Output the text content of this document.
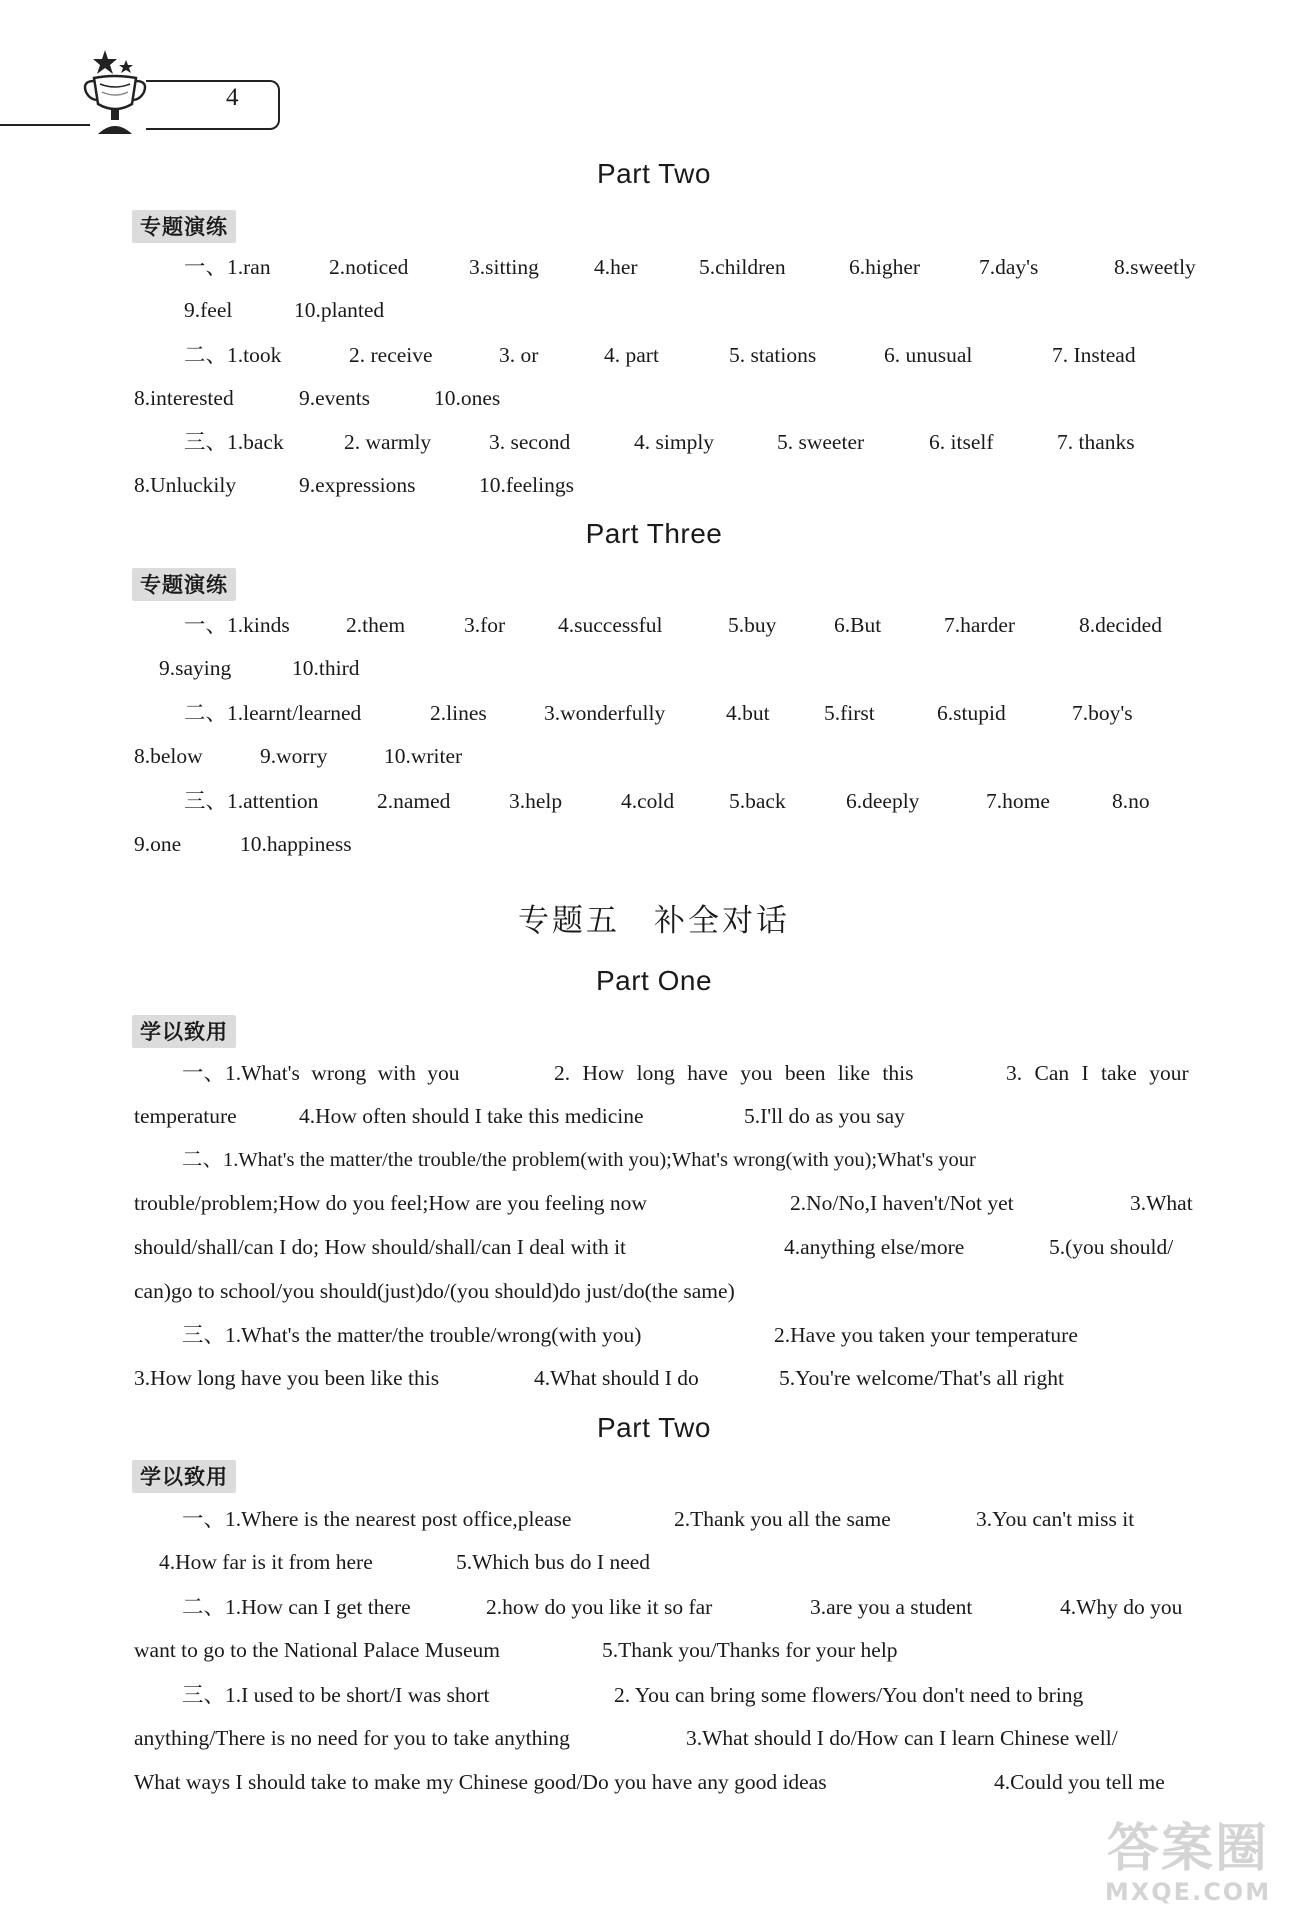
4
Part Two
专题演练
一、1.ran	2.noticed	3.sitting	4.her	5.children	6.higher	7.day's	8.sweetly
9.feel	10.planted
二、1.took	2. receive	3. or	4. part	5. stations	6. unusual	7. Instead
8.interested	9.events	10.ones
三、1.back	2. warmly	3. second	4. simply	5. sweeter	6. itself	7. thanks
8.Unluckily	9.expressions	10.feelings
Part Three
专题演练
一、1.kinds	2.them	3.for 4.successful	5.buy	6.But	7.harder	8.decided
9.saying	10.third
二、1.learnt/learned	2.lines	3.wonderfully	4.but	5.first	6.stupid	7.boy's
8.below	9.worry	10.writer
三、1.attention	2.named	3.help	4.cold	5.back	6.deeply	7.home	8.no
9.one	10.happiness
专题五 补全对话
Part One
学以致用
一、1.What's wrong with you	2. How long have you been like this	3. Can I take your
temperature	4.How often should I take this medicine	5.I'll do as you say
二、1.What's the matter/the trouble/the problem(with you);What's wrong(with you);What's your
trouble/problem;How do you feel;How are you feeling now	2.No/No,I haven't/Not yet	3.What
should/shall/can I do; How should/shall/can I deal with it	4.anything else/more	5.(you should/
can)go to school/you should(just)do/(you should)do just/do(the same)
三、1.What's the matter/the trouble/wrong(with you)	2.Have you taken your temperature
3.How long have you been like this	4.What should I do	5.You're welcome/That's all right
Part Two
学以致用
一、1.Where is the nearest post office,please	2.Thank you all the same	3.You can't miss it
4.How far is it from here	5.Which bus do I need
二、1.How can I get there	2.how do you like it so far	3.are you a student	4.Why do you
want to go to the National Palace Museum	5.Thank you/Thanks for your help
三、1.I used to be short/I was short	2. You can bring some flowers/You don't need to bring
anything/There is no need for you to take anything	3.What should I do/How can I learn Chinese well/
What ways I should take to make my Chinese good/Do you have any good ideas	4.Could you tell me
答案圈
MXQE.COM
